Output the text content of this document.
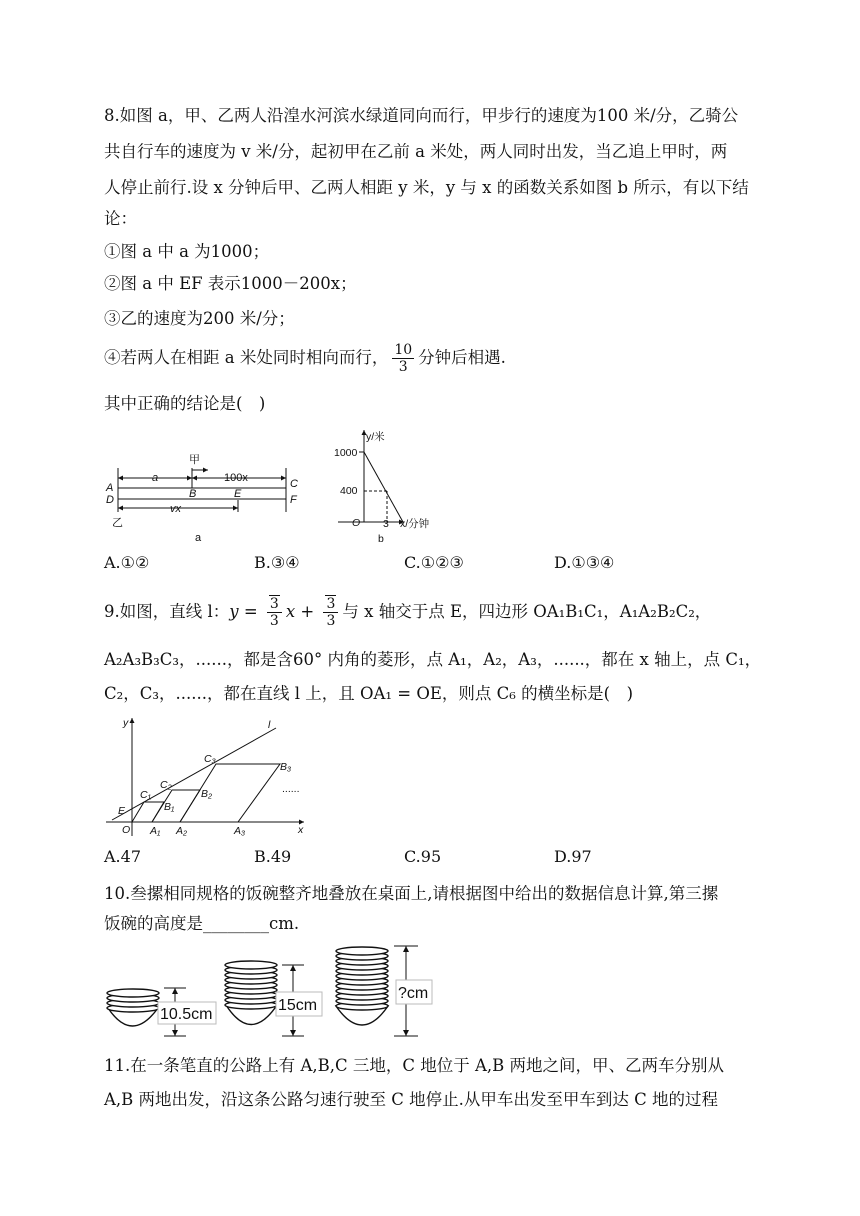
8.如图 a，甲、乙两人沿湟水河滨水绿道同向而行，甲步行的速度为100 米/分，乙骑公
共自行车的速度为 v 米/分，起初甲在乙前 a 米处，两人同时出发，当乙追上甲时，两
人停止前行.设 x 分钟后甲、乙两人相距 y 米，y 与 x 的函数关系如图 b 所示，有以下结
论：
①图 a 中 a 为1000；
②图 a 中 EF 表示1000－200x；
③乙的速度为200 米/分；
④若两人在相距 a 米处同时相向而行， $\frac{10}{3}$ 分钟后相遇.
其中正确的结论是(　)
甲
a	100x
A
D	B	E
C
F
vx
乙
a
y/米
1000
400
O 3 x/分钟
b
A.①②	B.③④	C.①②③	D.①③④
9.如图，直线 l：$y = \frac{3}{3}$ $x + \frac{3}{3}$ 与 x 轴交于点 E，四边形 OA₁B₁C₁，A₁A₂B₂C₂，
A₂A₃B₃C₃，......，都是含60° 内角的菱形，点 A₁，A₂，A₃，......，都在 x 轴上，点 C₁，
C₂，C₃，......，都在直线 l 上，且 OA₁ = OE，则点 C₆ 的横坐标是(　)
y
x
l
O
E
A₁ A₂	A₃
B₁
B₂
B₃
C₁
C₂
C₃
......
A.47	B.49	C.95	D.97
10.叁摞相同规格的饭碗整齐地叠放在桌面上,请根据图中给出的数据信息计算,第三摞
饭碗的高度是________cm.
10.5cm
15cm
?cm
11.在一条笔直的公路上有 A,B,C 三地，C 地位于 A,B 两地之间，甲、乙两车分别从
A,B 两地出发，沿这条公路匀速行驶至 C 地停止.从甲车出发至甲车到达 C 地的过程
